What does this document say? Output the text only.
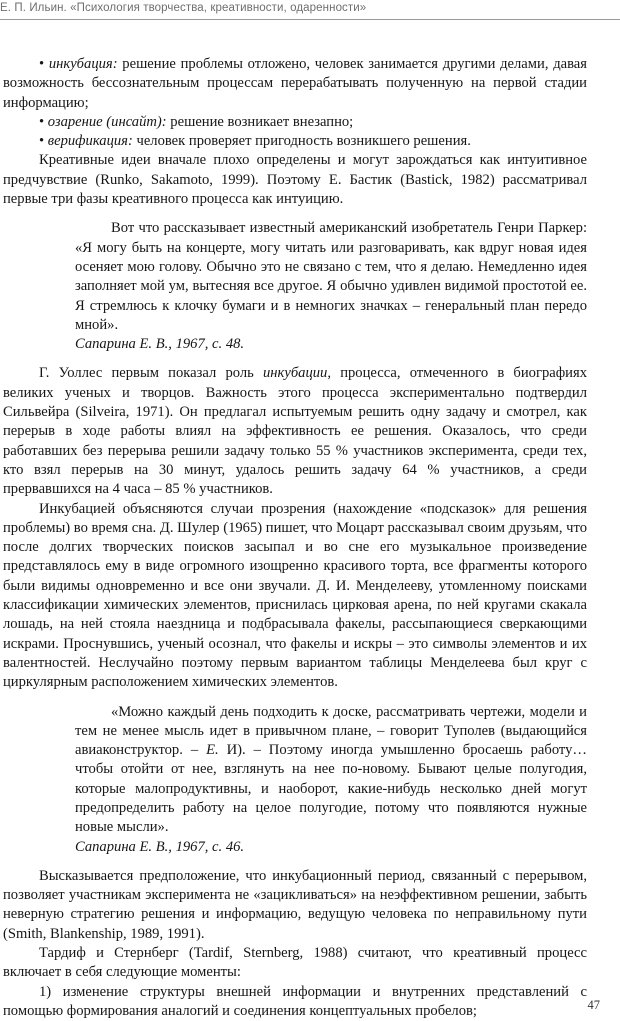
Е. П. Ильин. «Психология творчества, креативности, одаренности»

• инкубация: решение проблемы отложено, человек занимается другими делами, давая возможность бессознательным процессам перерабатывать полученную на первой стадии информацию;

• озарение (инсайт): решение возникает внезапно;

• верификация: человек проверяет пригодность возникшего решения.

Креативные идеи вначале плохо определены и могут зарождаться как интуитивное предчувствие (Runko, Sakamoto, 1999). Поэтому Е. Бастик (Bastick, 1982) рассматривал первые три фазы креативного процесса как интуицию.

Вот что рассказывает известный американский изобретатель Генри Паркер: «Я могу быть на концерте, могу читать или разговаривать, как вдруг новая идея осеняет мою голову. Обычно это не связано с тем, что я делаю. Немедленно идея заполняет мой ум, вытесняя все другое. Я обычно удивлен видимой простотой ее. Я стремлюсь к клочку бумаги и в немногих значках – генеральный план передо мной».

Сапарина Е. В., 1967, с. 48.

Г. Уоллес первым показал роль инкубации, процесса, отмеченного в биографиях великих ученых и творцов. Важность этого процесса экспериментально подтвердил Сильвейра (Silveira, 1971). Он предлагал испытуемым решить одну задачу и смотрел, как перерыв в ходе работы влиял на эффективность ее решения. Оказалось, что среди работавших без перерыва решили задачу только 55 % участников эксперимента, среди тех, кто взял перерыв на 30 минут, удалось решить задачу 64 % участников, а среди прервавшихся на 4 часа – 85 % участников.

Инкубацией объясняются случаи прозрения (нахождение «подсказок» для решения проблемы) во время сна. Д. Шулер (1965) пишет, что Моцарт рассказывал своим друзьям, что после долгих творческих поисков засыпал и во сне его музыкальное произведение представлялось ему в виде огромного изощренно красивого торта, все фрагменты которого были видимы одновременно и все они звучали. Д. И. Менделееву, утомленному поисками классификации химических элементов, приснилась цирковая арена, по ней кругами скакала лошадь, на ней стояла наездница и подбрасывала факелы, рассыпающиеся сверкающими искрами. Проснувшись, ученый осознал, что факелы и искры – это символы элементов и их валентностей. Неслучайно поэтому первым вариантом таблицы Менделеева был круг с циркулярным расположением химических элементов.

«Можно каждый день подходить к доске, рассматривать чертежи, модели и тем не менее мысль идет в привычном плане, – говорит Туполев (выдающийся авиаконструктор. – Е. И). – Поэтому иногда умышленно бросаешь работу… чтобы отойти от нее, взглянуть на нее по-новому. Бывают целые полугодия, которые малопродуктивны, и наоборот, какие-нибудь несколько дней могут предопределить работу на целое полугодие, потому что появляются нужные новые мысли».

Сапарина Е. В., 1967, с. 46.

Высказывается предположение, что инкубационный период, связанный с перерывом, позволяет участникам эксперимента не «зацикливаться» на неэффективном решении, забыть неверную стратегию решения и информацию, ведущую человека по неправильному пути (Smith, Blankenship, 1989, 1991).

Тардиф и Стернберг (Tardif, Sternberg, 1988) считают, что креативный процесс включает в себя следующие моменты:

1) изменение структуры внешней информации и внутренних представлений с помощью формирования аналогий и соединения концептуальных пробелов;	47
